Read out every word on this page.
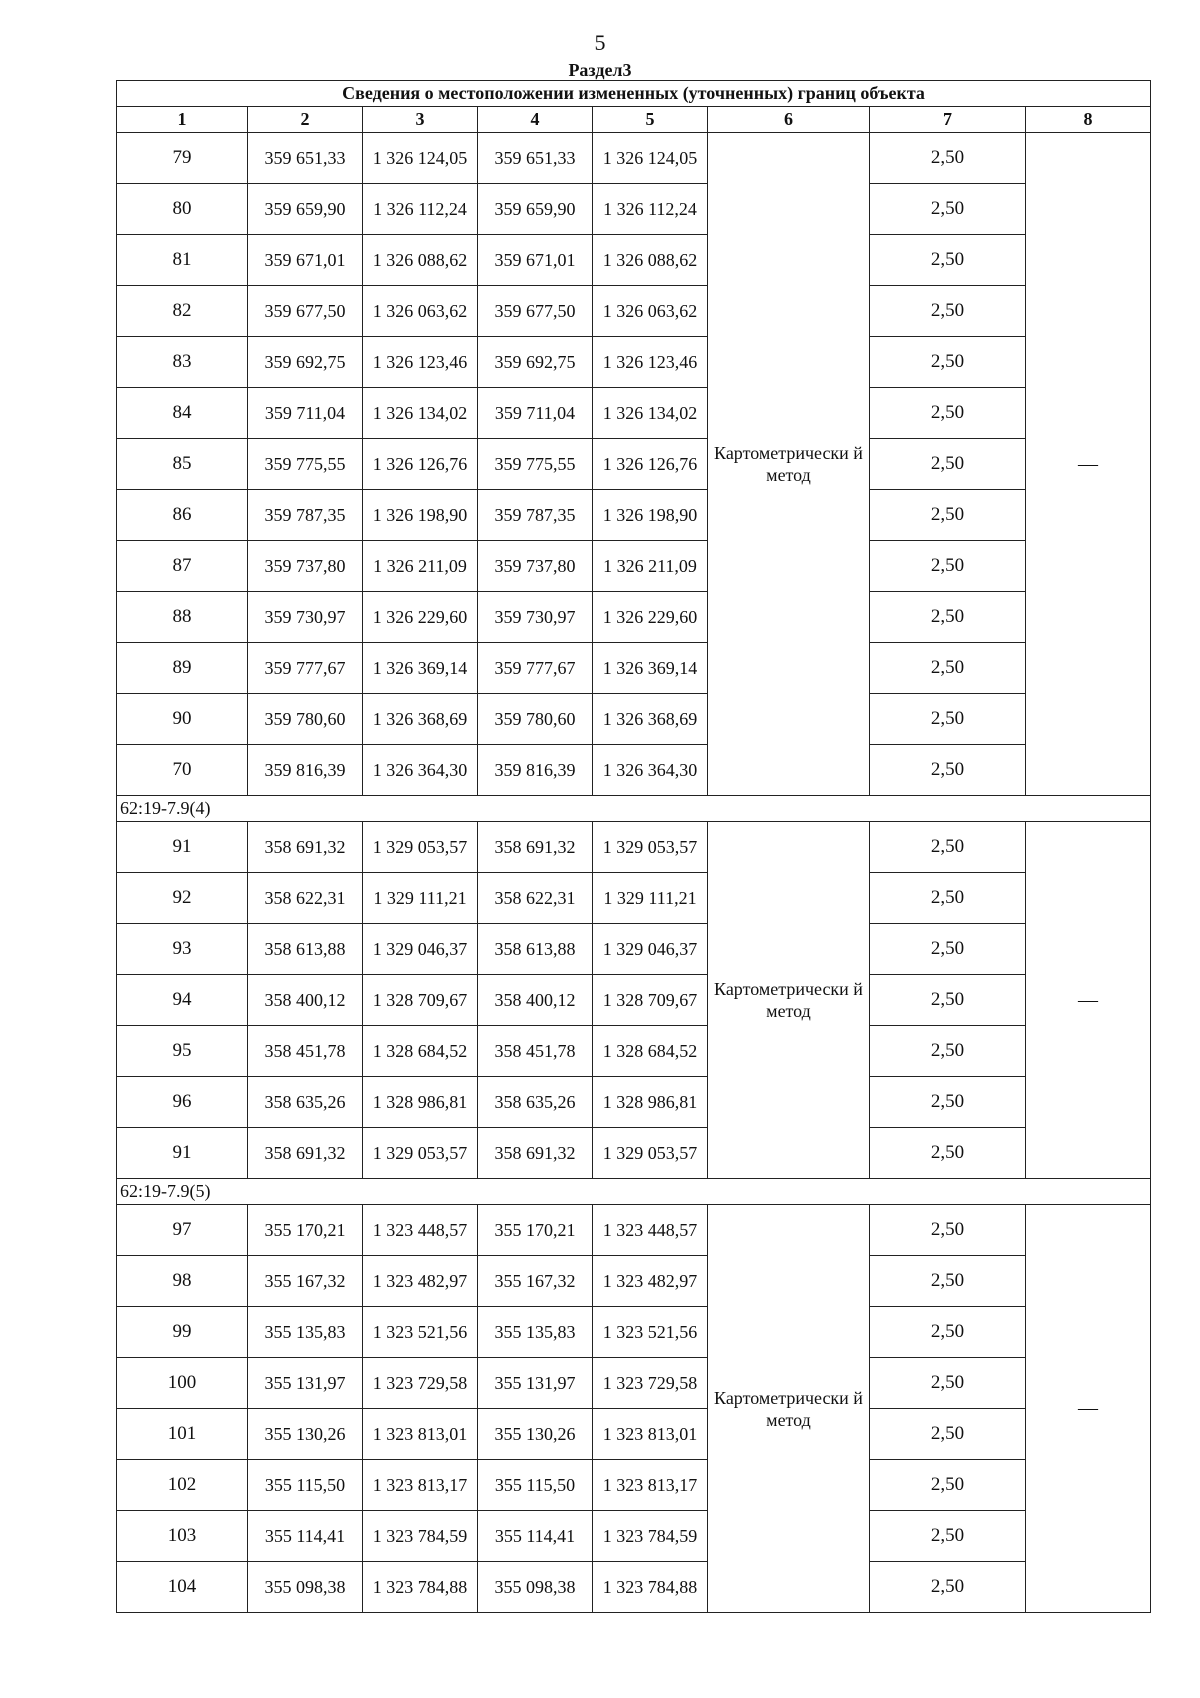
5
Раздел3
Сведения о местоположении измененных (уточненных) границ объекта							
1	2	3	4	5	6	7	8
79	359 651,33	1 326 124,05	359 651,33	1 326 124,05	Картометрически й метод	2,50	—
80	359 659,90	1 326 112,24	359 659,90	1 326 112,24		2,50	
81	359 671,01	1 326 088,62	359 671,01	1 326 088,62		2,50	
82	359 677,50	1 326 063,62	359 677,50	1 326 063,62		2,50	
83	359 692,75	1 326 123,46	359 692,75	1 326 123,46		2,50	
84	359 711,04	1 326 134,02	359 711,04	1 326 134,02		2,50	
85	359 775,55	1 326 126,76	359 775,55	1 326 126,76		2,50	
86	359 787,35	1 326 198,90	359 787,35	1 326 198,90		2,50	
87	359 737,80	1 326 211,09	359 737,80	1 326 211,09		2,50	
88	359 730,97	1 326 229,60	359 730,97	1 326 229,60		2,50	
89	359 777,67	1 326 369,14	359 777,67	1 326 369,14		2,50	
90	359 780,60	1 326 368,69	359 780,60	1 326 368,69		2,50	
70	359 816,39	1 326 364,30	359 816,39	1 326 364,30		2,50	
62:19-7.9(4)							
91	358 691,32	1 329 053,57	358 691,32	1 329 053,57	Картометрически й метод	2,50	—
92	358 622,31	1 329 111,21	358 622,31	1 329 111,21		2,50	
93	358 613,88	1 329 046,37	358 613,88	1 329 046,37		2,50	
94	358 400,12	1 328 709,67	358 400,12	1 328 709,67		2,50	
95	358 451,78	1 328 684,52	358 451,78	1 328 684,52		2,50	
96	358 635,26	1 328 986,81	358 635,26	1 328 986,81		2,50	
91	358 691,32	1 329 053,57	358 691,32	1 329 053,57		2,50	
62:19-7.9(5)							
97	355 170,21	1 323 448,57	355 170,21	1 323 448,57	Картометрически й метод	2,50	—
98	355 167,32	1 323 482,97	355 167,32	1 323 482,97		2,50	
99	355 135,83	1 323 521,56	355 135,83	1 323 521,56		2,50	
100	355 131,97	1 323 729,58	355 131,97	1 323 729,58		2,50	
101	355 130,26	1 323 813,01	355 130,26	1 323 813,01		2,50	
102	355 115,50	1 323 813,17	355 115,50	1 323 813,17		2,50	
103	355 114,41	1 323 784,59	355 114,41	1 323 784,59		2,50	
104	355 098,38	1 323 784,88	355 098,38	1 323 784,88		2,50	
